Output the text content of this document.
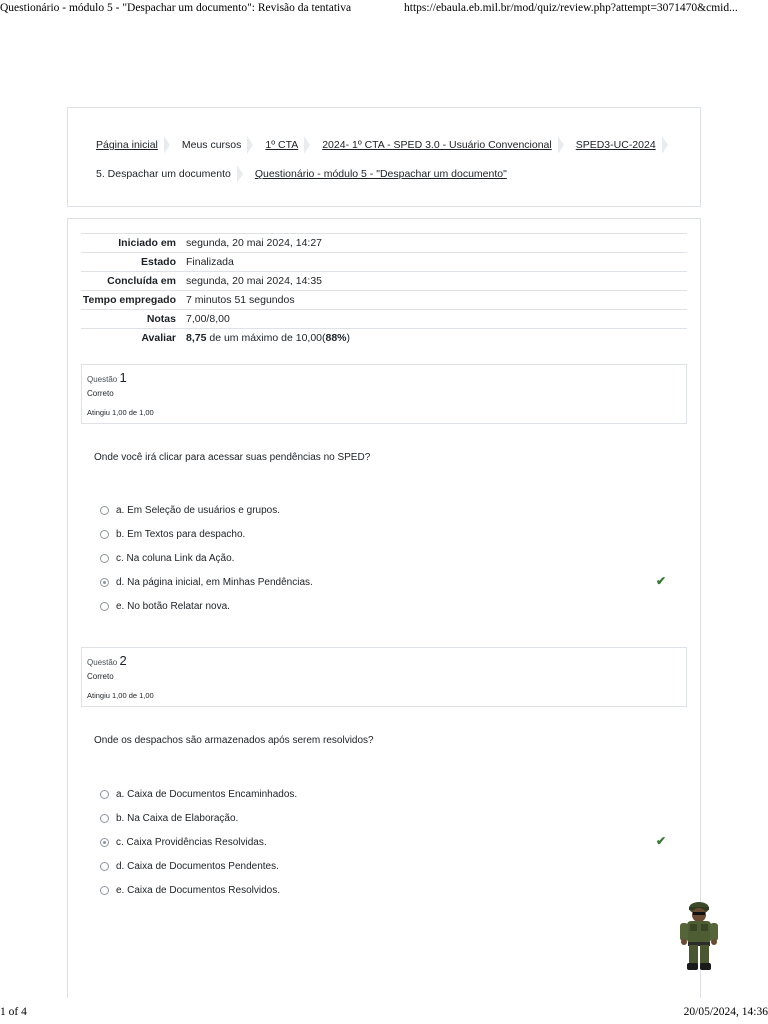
Questionário - módulo 5 - "Despachar um documento": Revisão da tentativa	https://ebaula.eb.mil.br/mod/quiz/review.php?attempt=3071470&cmid...
Página inicial Meus cursos 1º CTA 2024- 1º CTA - SPED 3.0 - Usuário Convencional SPED3-UC-2024
5. Despachar um documento Questionário - módulo 5 - "Despachar um documento"
Iniciado em	segunda, 20 mai 2024, 14:27
Estado	Finalizada
Concluída em	segunda, 20 mai 2024, 14:35
Tempo empregado	7 minutos 51 segundos
Notas	7,00/8,00
Avaliar	8,75 de um máximo de 10,00(88%)
Questão 1
Correto
Atingiu 1,00 de 1,00
Onde você irá clicar para acessar suas pendências no SPED?
a. Em Seleção de usuários e grupos.
b. Em Textos para despacho.
c. Na coluna Link da Ação.
d. Na página inicial, em Minhas Pendências.	✔
e. No botão Relatar nova.
Questão 2
Correto
Atingiu 1,00 de 1,00
Onde os despachos são armazenados após serem resolvidos?
a. Caixa de Documentos Encaminhados.
b. Na Caixa de Elaboração.
c. Caixa Providências Resolvidas.	✔
d. Caixa de Documentos Pendentes.
e. Caixa de Documentos Resolvidos.
1 of 4	20/05/2024, 14:36
